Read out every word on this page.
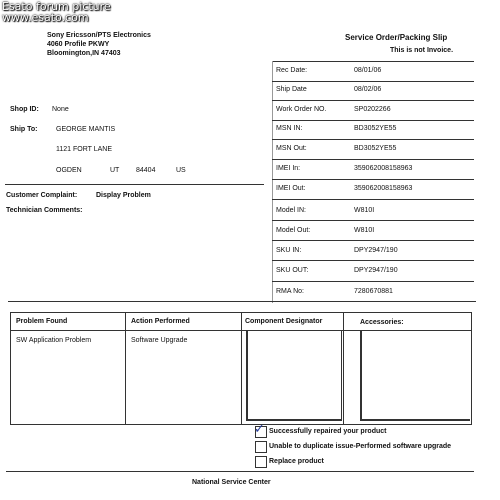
Esato forum picture
www.esato.com
Sony Ericsson/PTS Electronics
4060 Profile PKWY
Bloomington,IN 47403
Service Order/Packing Slip
This is not Invoice.
Shop ID: None
Ship To:	GEORGE MANTIS
1121 FORT LANE
OGDEN	UT 84404	US
Customer Complaint:	Display Problem
Technician Comments:
Rec Date:	08/01/06
Ship Date	08/02/06
Work Order NO.	SP0202266
MSN IN:	BD3052YE55
MSN Out:	BD3052YE55
IMEI In:	359062008158963
IMEI Out:	359062008158963
Model IN:	W810I
Model Out:	W810I
SKU IN:	DPY2947/190
SKU OUT:	DPY2947/190
RMA No:	7280670881
Problem Found	Action Performed	Component Designator	Accessories:
SW Application Problem	Software Upgrade
✓ Successfully repaired your product
Unable to duplicate issue-Performed software upgrade
Replace product
National Service Center
